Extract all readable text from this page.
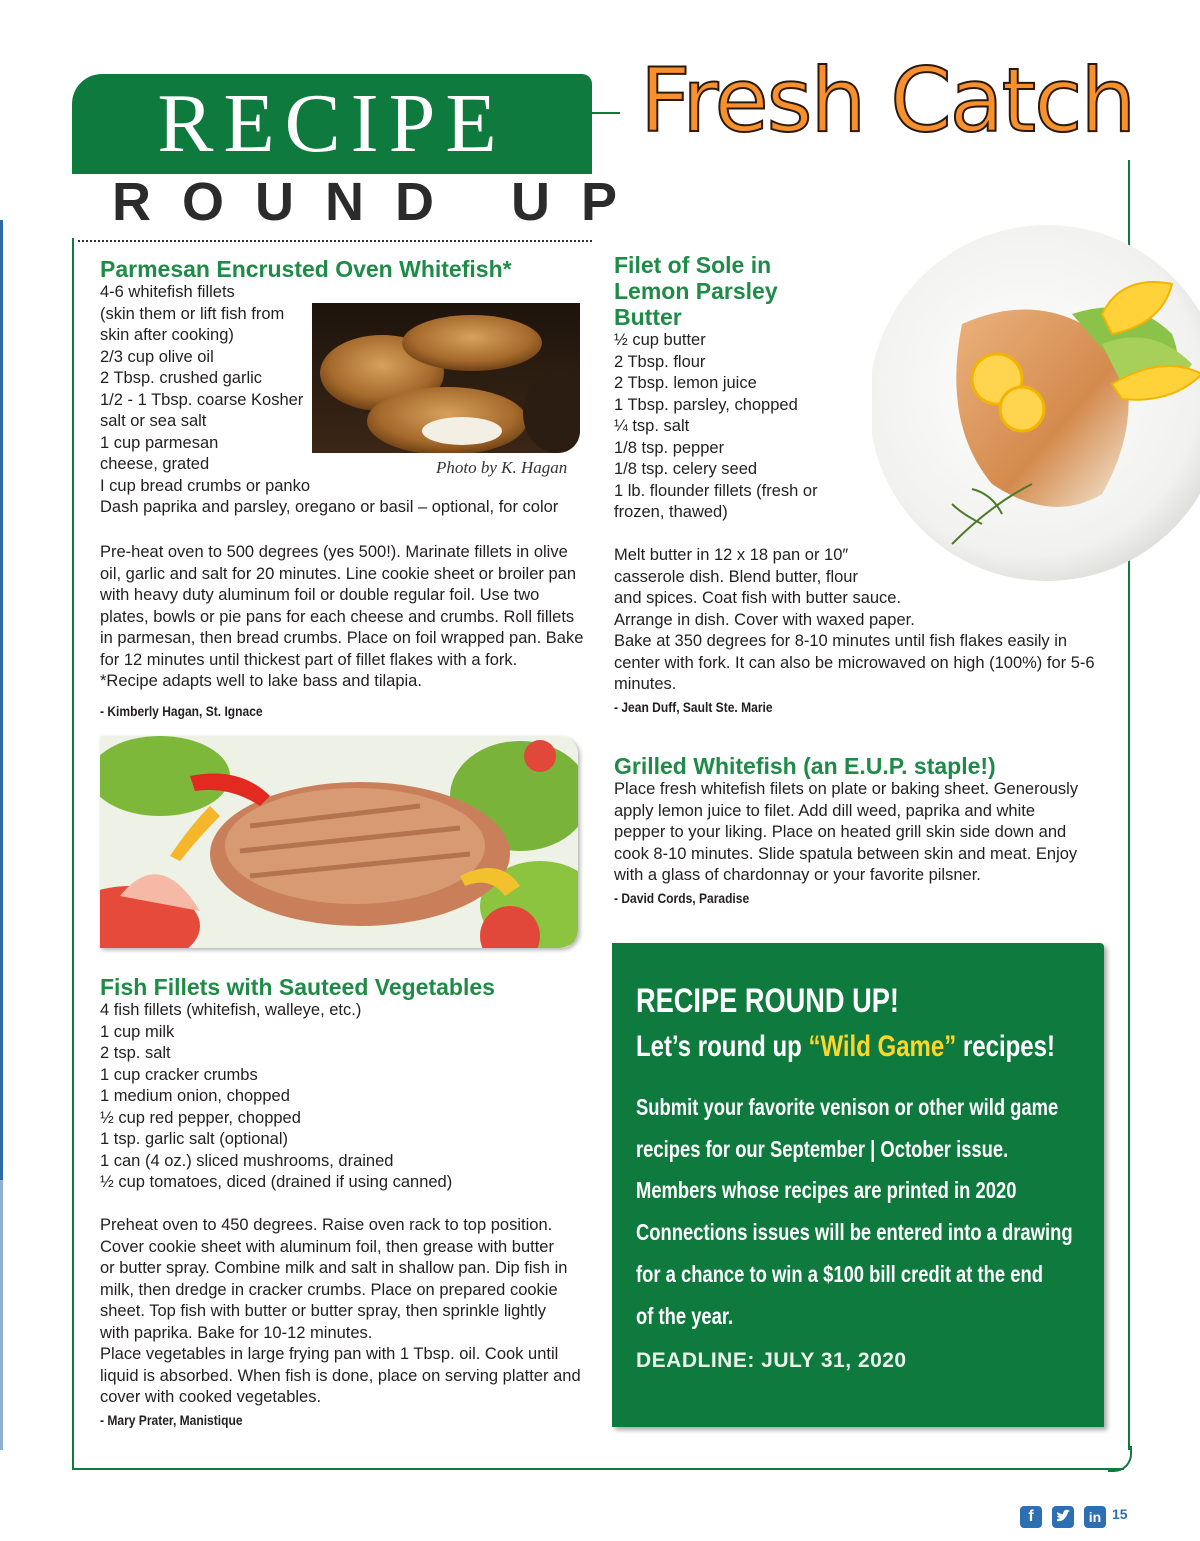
RECIPE
ROUND UP
Fresh Catch
Parmesan Encrusted Oven Whitefish*
4-6 whitefish fillets
(skin them or lift fish from
skin after cooking)
2/3 cup olive oil
2 Tbsp. crushed garlic
1/2 - 1 Tbsp. coarse Kosher
salt or sea salt
1 cup parmesan
cheese, grated
I cup bread crumbs or panko
Dash paprika and parsley, oregano or basil – optional, for color
Photo by K. Hagan
Pre-heat oven to 500 degrees (yes 500!). Marinate fillets in olive
oil, garlic and salt for 20 minutes. Line cookie sheet or broiler pan
with heavy duty aluminum foil or double regular foil. Use two
plates, bowls or pie pans for each cheese and crumbs. Roll fillets
in parmesan, then bread crumbs. Place on foil wrapped pan. Bake
for 12 minutes until thickest part of fillet flakes with a fork.
*Recipe adapts well to lake bass and tilapia.
- Kimberly Hagan, St. Ignace
Fish Fillets with Sauteed Vegetables
4 fish fillets (whitefish, walleye, etc.)
1 cup milk
2 tsp. salt
1 cup cracker crumbs
1 medium onion, chopped
½ cup red pepper, chopped
1 tsp. garlic salt (optional)
1 can (4 oz.) sliced mushrooms, drained
½ cup tomatoes, diced (drained if using canned)
Preheat oven to 450 degrees. Raise oven rack to top position.
Cover cookie sheet with aluminum foil, then grease with butter
or butter spray. Combine milk and salt in shallow pan. Dip fish in
milk, then dredge in cracker crumbs. Place on prepared cookie
sheet. Top fish with butter or butter spray, then sprinkle lightly
with paprika. Bake for 10-12 minutes.
Place vegetables in large frying pan with 1 Tbsp. oil. Cook until
liquid is absorbed. When fish is done, place on serving platter and
cover with cooked vegetables.
- Mary Prater, Manistique
Filet of Sole in
Lemon Parsley
Butter
½ cup butter
2 Tbsp. flour
2 Tbsp. lemon juice
1 Tbsp. parsley, chopped
¼ tsp. salt
1/8 tsp. pepper
1/8 tsp. celery seed
1 lb. flounder fillets (fresh or
frozen, thawed)
Melt butter in 12 x 18 pan or 10″
casserole dish. Blend butter, flour
and spices. Coat fish with butter sauce.
Arrange in dish. Cover with waxed paper.
Bake at 350 degrees for 8-10 minutes until fish flakes easily in
center with fork. It can also be microwaved on high (100%) for 5-6
minutes.
- Jean Duff, Sault Ste. Marie
Grilled Whitefish (an E.U.P. staple!)
Place fresh whitefish filets on plate or baking sheet. Generously
apply lemon juice to filet. Add dill weed, paprika and white
pepper to your liking. Place on heated grill skin side down and
cook 8-10 minutes. Slide spatula between skin and meat. Enjoy
with a glass of chardonnay or your favorite pilsner.
- David Cords, Paradise
RECIPE ROUND UP!
Let’s round up “Wild Game” recipes!
Submit your favorite venison or other wild game
recipes for our September | October issue.
Members whose recipes are printed in 2020
Connections issues will be entered into a drawing
for a chance to win a $100 bill credit at the end
of the year.
DEADLINE: JULY 31, 2020
f	in 15
